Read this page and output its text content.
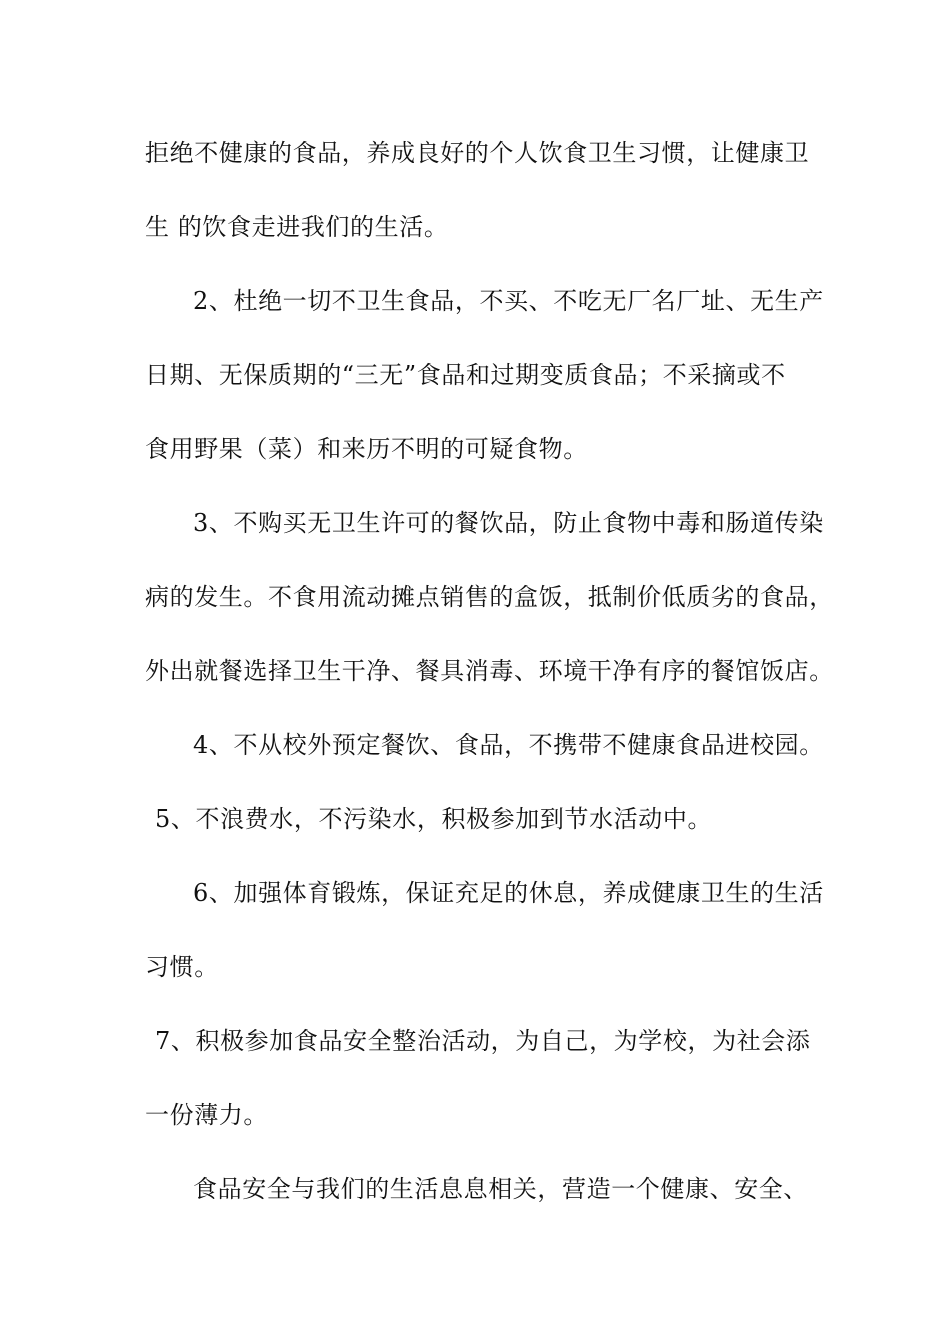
拒绝不健康的食品，养成良好的个人饮食卫生习惯，让健康卫
生 的饮食走进我们的生活。
2、杜绝一切不卫生食品，不买、不吃无厂名厂址、无生产
日期、无保质期的“三无”食品和过期变质食品；不采摘或不
食用野果（菜）和来历不明的可疑食物。
3、不购买无卫生许可的餐饮品，防止食物中毒和肠道传染
病的发生。不食用流动摊点销售的盒饭，抵制价低质劣的食品，
外出就餐选择卫生干净、餐具消毒、环境干净有序的餐馆饭店。
4、不从校外预定餐饮、食品，不携带不健康食品进校园。
5、不浪费水，不污染水，积极参加到节水活动中。
6、加强体育锻炼，保证充足的休息，养成健康卫生的生活
习惯。
7、积极参加食品安全整治活动，为自己，为学校，为社会添
一份薄力。
食品安全与我们的生活息息相关，营造一个健康、安全、
